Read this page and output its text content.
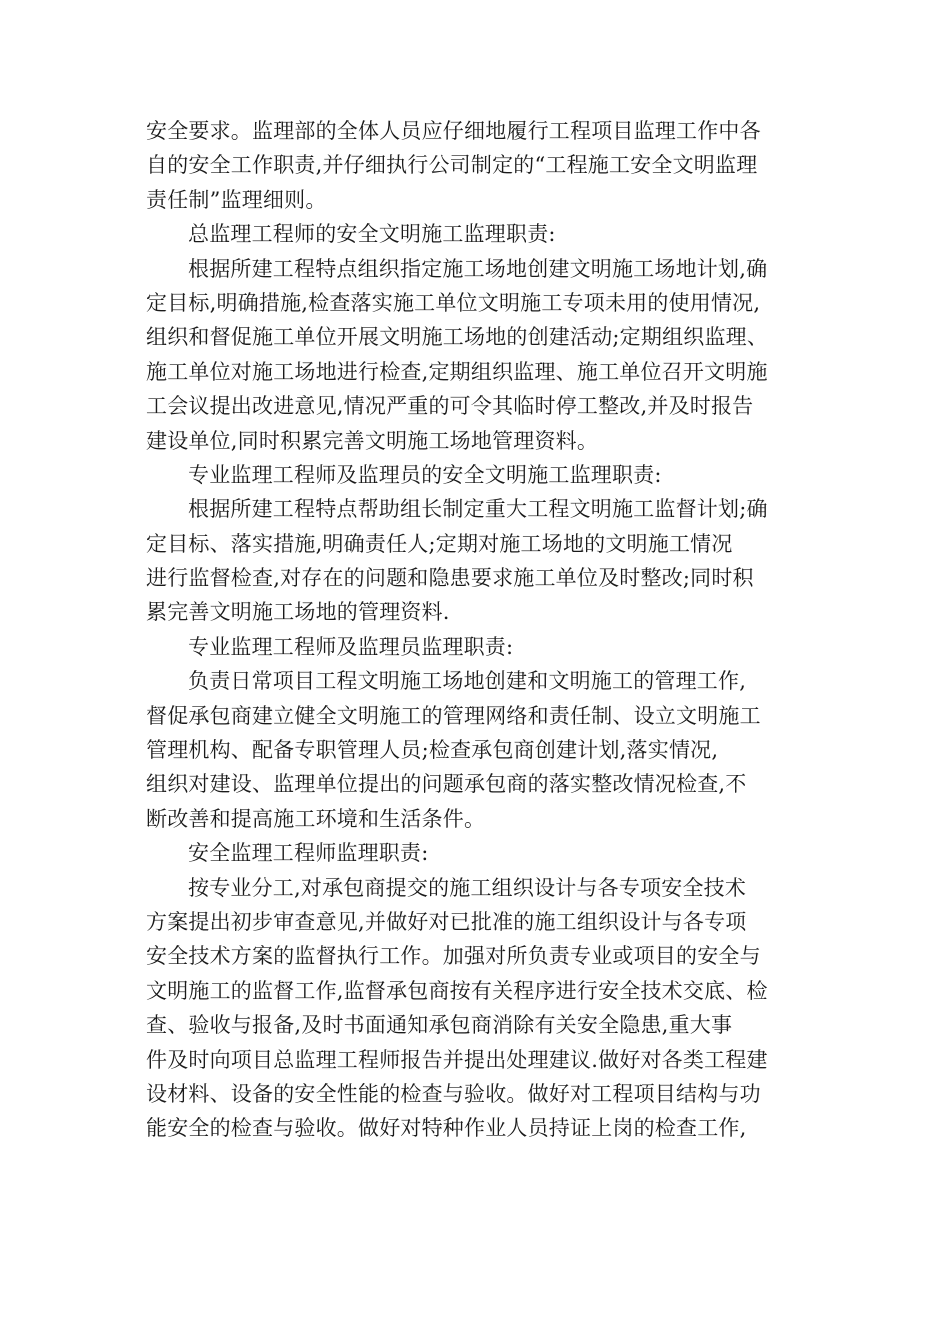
安全要求。监理部的全体人员应仔细地履行工程项目监理工作中各
自的安全工作职责,并仔细执行公司制定的“工程施工安全文明监理
责任制”监理细则。
总监理工程师的安全文明施工监理职责:
根据所建工程特点组织指定施工场地创建文明施工场地计划,确
定目标,明确措施,检查落实施工单位文明施工专项未用的使用情况,
组织和督促施工单位开展文明施工场地的创建活动;定期组织监理、
施工单位对施工场地进行检查,定期组织监理、施工单位召开文明施
工会议提出改进意见,情况严重的可令其临时停工整改,并及时报告
建设单位,同时积累完善文明施工场地管理资料。
专业监理工程师及监理员的安全文明施工监理职责:
根据所建工程特点帮助组长制定重大工程文明施工监督计划;确
定目标、落实措施,明确责任人;定期对施工场地的文明施工情况
进行监督检查,对存在的问题和隐患要求施工单位及时整改;同时积
累完善文明施工场地的管理资料.
专业监理工程师及监理员监理职责:
负责日常项目工程文明施工场地创建和文明施工的管理工作,
督促承包商建立健全文明施工的管理网络和责任制、设立文明施工
管理机构、配备专职管理人员;检查承包商创建计划,落实情况,
组织对建设、监理单位提出的问题承包商的落实整改情况检查,不
断改善和提高施工环境和生活条件。
安全监理工程师监理职责:
按专业分工,对承包商提交的施工组织设计与各专项安全技术
方案提出初步审查意见,并做好对已批准的施工组织设计与各专项
安全技术方案的监督执行工作。加强对所负责专业或项目的安全与
文明施工的监督工作,监督承包商按有关程序进行安全技术交底、检
查、验收与报备,及时书面通知承包商消除有关安全隐患,重大事
件及时向项目总监理工程师报告并提出处理建议.做好对各类工程建
设材料、设备的安全性能的检查与验收。做好对工程项目结构与功
能安全的检查与验收。做好对特种作业人员持证上岗的检查工作,
